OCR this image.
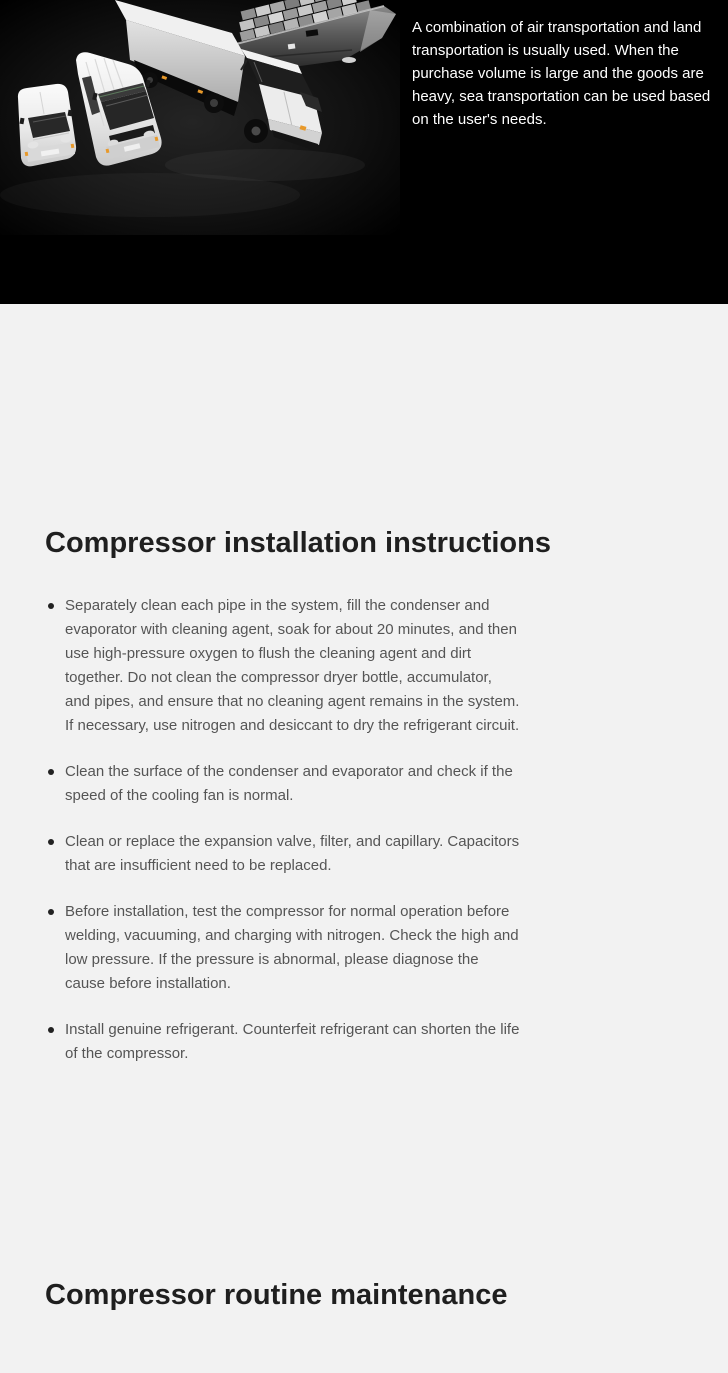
A combination of air transportation and land transportation is usually used. When the purchase volume is large and the goods are heavy, sea transportation can be used based on the user's needs.

Compressor installation instructions
Separately clean each pipe in the system, fill the condenser and evaporator with cleaning agent, soak for about 20 minutes, and then use high-pressure oxygen to flush the cleaning agent and dirt together. Do not clean the compressor dryer bottle, accumulator, and pipes, and ensure that no cleaning agent remains in the system. If necessary, use nitrogen and desiccant to dry the refrigerant circuit.
Clean the surface of the condenser and evaporator and check if the speed of the cooling fan is normal.
Clean or replace the expansion valve, filter, and capillary. Capacitors that are insufficient need to be replaced.
Before installation, test the compressor for normal operation before welding, vacuuming, and charging with nitrogen. Check the high and low pressure. If the pressure is abnormal, please diagnose the cause before installation.
Install genuine refrigerant. Counterfeit refrigerant can shorten the life of the compressor.
Compressor routine maintenance
